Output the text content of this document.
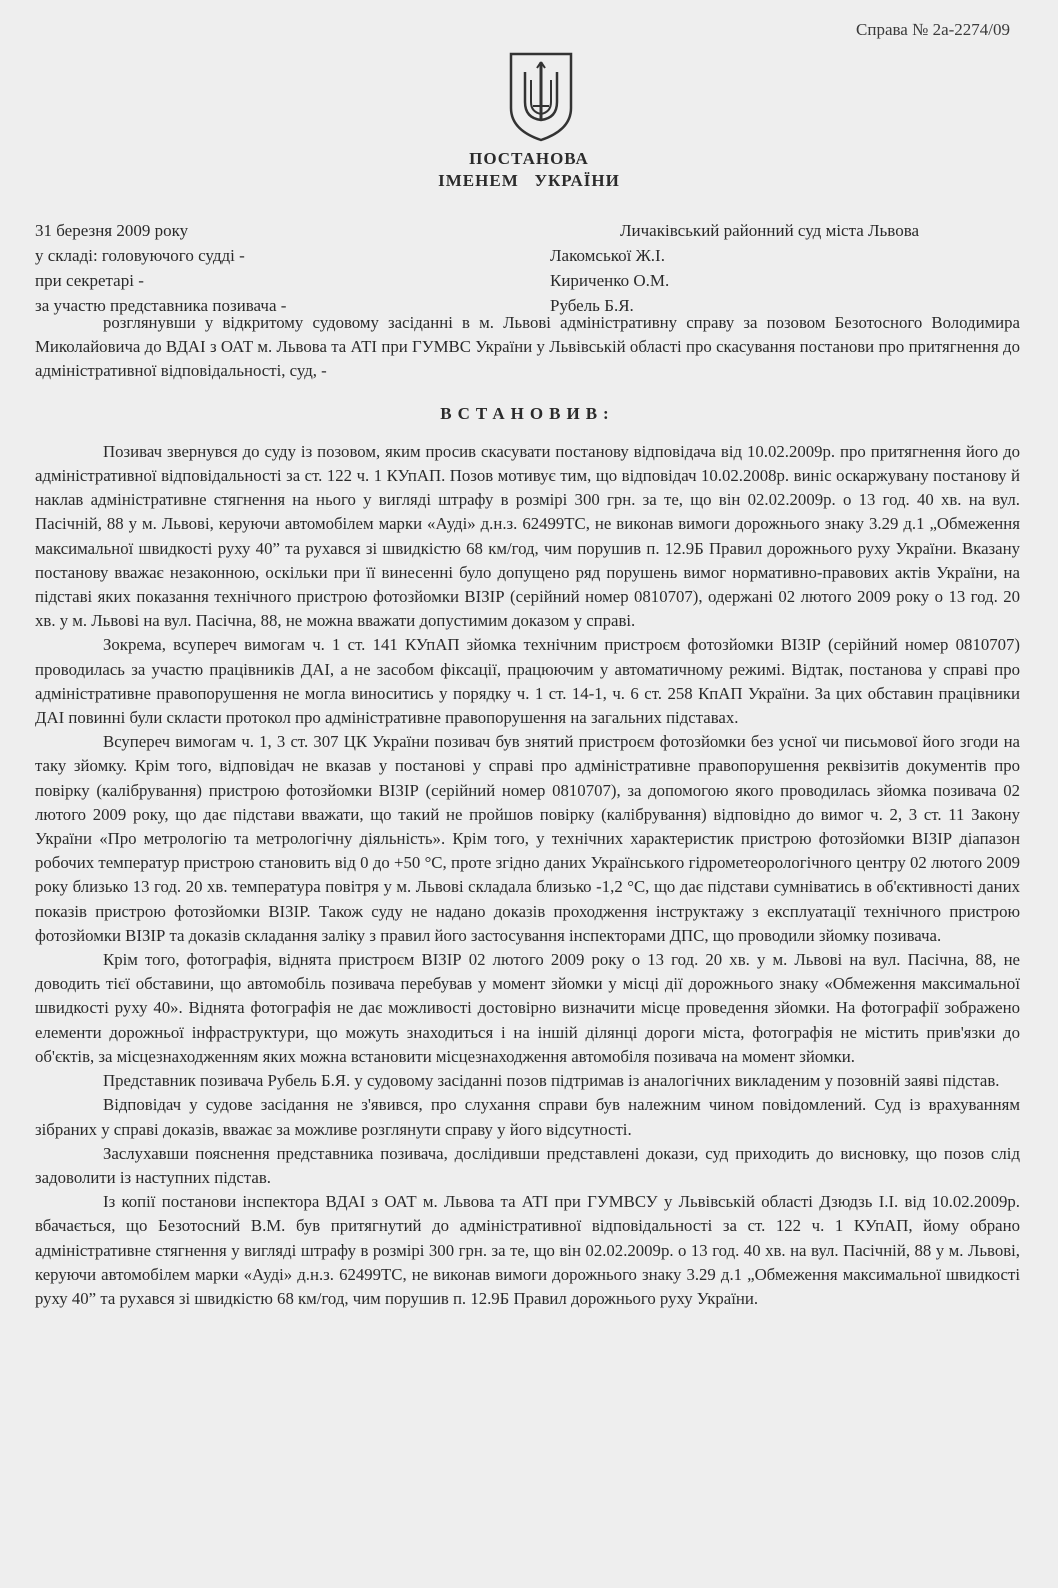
Справа № 2а-2274/09
ПОСТАНОВА
ІМЕНЕМ   УКРАЇНИ
31 березня 2009 року
у складі: головуючого судді -
при секретарі -
за участю представника позивача -
Личаківський районний суд міста Львова
Лакомської Ж.І.
Кириченко О.М.
Рубель Б.Я.

розглянувши у відкритому судовому засіданні в м. Львові адміністративну справу за позовом Безотосного Володимира Миколайовича до ВДАІ з ОАТ м. Львова та АТІ при ГУМВС України у Львівській області про скасування постанови про притягнення до адміністративної відповідальності, суд, -

ВСТАНОВИВ:

Позивач звернувся до суду із позовом, яким просив скасувати постанову відповідача від 10.02.2009р. про притягнення його до адміністративної відповідальності за ст. 122 ч. 1 КУпАП. Позов мотивує тим, що відповідач 10.02.2008р. виніс оскаржувану постанову й наклав адміністративне стягнення на нього у вигляді штрафу в розмірі 300 грн. за те, що він 02.02.2009р. о 13 год. 40 хв. на вул. Пасічній, 88 у м. Львові, керуючи автомобілем марки «Ауді» д.н.з. 62499ТС, не виконав вимоги дорожнього знаку 3.29 д.1 „Обмеження максимальної швидкості руху 40” та рухався зі швидкістю 68 км/год, чим порушив п. 12.9Б Правил дорожнього руху України. Вказану постанову вважає незаконною, оскільки при її винесенні було допущено ряд порушень вимог нормативно-правових актів України, на підставі яких показання технічного пристрою фотозйомки ВІЗІР (серійний номер 0810707), одержані 02 лютого 2009 року о 13 год. 20 хв. у м. Львові на вул. Пасічна, 88, не можна вважати допустимим доказом у справі.

Зокрема, всупереч вимогам ч. 1 ст. 141 КУпАП зйомка технічним пристроєм фотозйомки ВІЗІР (серійний номер 0810707) проводилась за участю працівників ДАІ, а не засобом фіксації, працюючим у автоматичному режимі. Відтак, постанова у справі про адміністративне правопорушення не могла виноситись у порядку ч. 1 ст. 14-1, ч. 6 ст. 258 КпАП України. За цих обставин працівники ДАІ повинні були скласти протокол про адміністративне правопорушення на загальних підставах.

Всупереч вимогам ч. 1, 3 ст. 307 ЦК України позивач був знятий пристроєм фотозйомки без усної чи письмової його згоди на таку зйомку. Крім того, відповідач не вказав у постанові у справі про адміністративне правопорушення реквізитів документів про повірку (калібрування) пристрою фотозйомки ВІЗІР (серійний номер 0810707), за допомогою якого проводилась зйомка позивача 02 лютого 2009 року, що дає підстави вважати, що такий не пройшов повірку (калібрування) відповідно до вимог ч. 2, 3 ст. 11 Закону України «Про метрологію та метрологічну діяльність». Крім того, у технічних характеристик пристрою фотозйомки ВІЗІР діапазон робочих температур пристрою становить від 0 до +50 °С, проте згідно даних Українського гідрометеорологічного центру 02 лютого 2009 року близько 13 год. 20 хв. температура повітря у м. Львові складала близько -1,2 °С, що дає підстави сумніватись в об'єктивності даних показів пристрою фотозйомки ВІЗІР. Також суду не надано доказів проходження інструктажу з експлуатації технічного пристрою фотозйомки ВІЗІР та доказів складання заліку з правил його застосування інспекторами ДПС, що проводили зйомку позивача.

Крім того, фотографія, віднята пристроєм ВІЗІР 02 лютого 2009 року о 13 год. 20 хв. у м. Львові на вул. Пасічна, 88, не доводить тієї обставини, що автомобіль позивача перебував у момент зйомки у місці дії дорожнього знаку «Обмеження максимальної швидкості руху 40». Віднята фотографія не дає можливості достовірно визначити місце проведення зйомки. На фотографії зображено елементи дорожньої інфраструктури, що можуть знаходиться і на іншій ділянці дороги міста, фотографія не містить прив'язки до об'єктів, за місцезнаходженням яких можна встановити місцезнаходження автомобіля позивача на момент зйомки.

Представник позивача Рубель Б.Я. у судовому засіданні позов підтримав із аналогічних викладеним у позовній заяві підстав.

Відповідач у судове засідання не з'явився, про слухання справи був належним чином повідомлений. Суд із врахуванням зібраних у справі доказів, вважає за можливе розглянути справу у його відсутності.

Заслухавши пояснення представника позивача, дослідивши представлені докази, суд приходить до висновку, що позов слід задоволити із наступних підстав.

Із копії постанови інспектора ВДАІ з ОАТ м. Львова та АТІ при ГУМВСУ у Львівській області Дзюдзь І.І. від 10.02.2009р. вбачається, що Безотосний В.М. був притягнутий до адміністративної відповідальності за ст. 122 ч. 1 КУпАП, йому обрано адміністративне стягнення у вигляді штрафу в розмірі 300 грн. за те, що він 02.02.2009р. о 13 год. 40 хв. на вул. Пасічній, 88 у м. Львові, керуючи автомобілем марки «Ауді» д.н.з. 62499ТС, не виконав вимоги дорожнього знаку 3.29 д.1 „Обмеження максимальної швидкості руху 40” та рухався зі швидкістю 68 км/год, чим порушив п. 12.9Б Правил дорожнього руху України.
